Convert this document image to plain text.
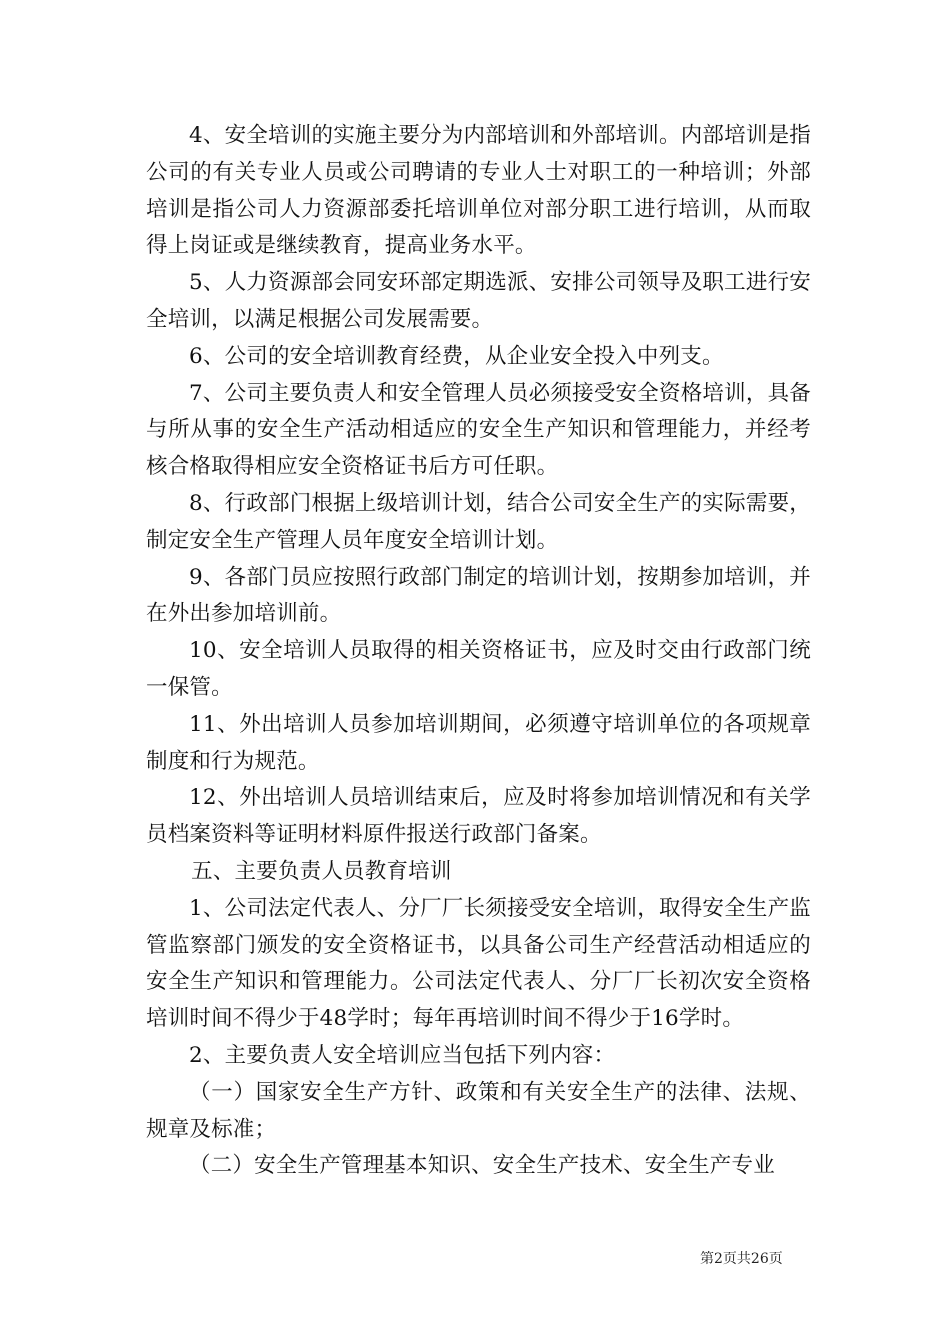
4、安全培训的实施主要分为内部培训和外部培训。内部培训是指公司的有关专业人员或公司聘请的专业人士对职工的一种培训；外部培训是指公司人力资源部委托培训单位对部分职工进行培训，从而取得上岗证或是继续教育，提高业务水平。

5、人力资源部会同安环部定期选派、安排公司领导及职工进行安全培训，以满足根据公司发展需要。

6、公司的安全培训教育经费，从企业安全投入中列支。

7、公司主要负责人和安全管理人员必须接受安全资格培训，具备与所从事的安全生产活动相适应的安全生产知识和管理能力，并经考核合格取得相应安全资格证书后方可任职。

8、行政部门根据上级培训计划，结合公司安全生产的实际需要，制定安全生产管理人员年度安全培训计划。

9、各部门员应按照行政部门制定的培训计划，按期参加培训，并在外出参加培训前。

10、安全培训人员取得的相关资格证书，应及时交由行政部门统一保管。

11、外出培训人员参加培训期间，必须遵守培训单位的各项规章制度和行为规范。

12、外出培训人员培训结束后，应及时将参加培训情况和有关学员档案资料等证明材料原件报送行政部门备案。

五、主要负责人员教育培训

1、公司法定代表人、分厂厂长须接受安全培训，取得安全生产监管监察部门颁发的安全资格证书，以具备公司生产经营活动相适应的安全生产知识和管理能力。公司法定代表人、分厂厂长初次安全资格培训时间不得少于48学时；每年再培训时间不得少于16学时。

2、主要负责人安全培训应当包括下列内容：

（一）国家安全生产方针、政策和有关安全生产的法律、法规、规章及标准；

（二）安全生产管理基本知识、安全生产技术、安全生产专业

第2页共26页
